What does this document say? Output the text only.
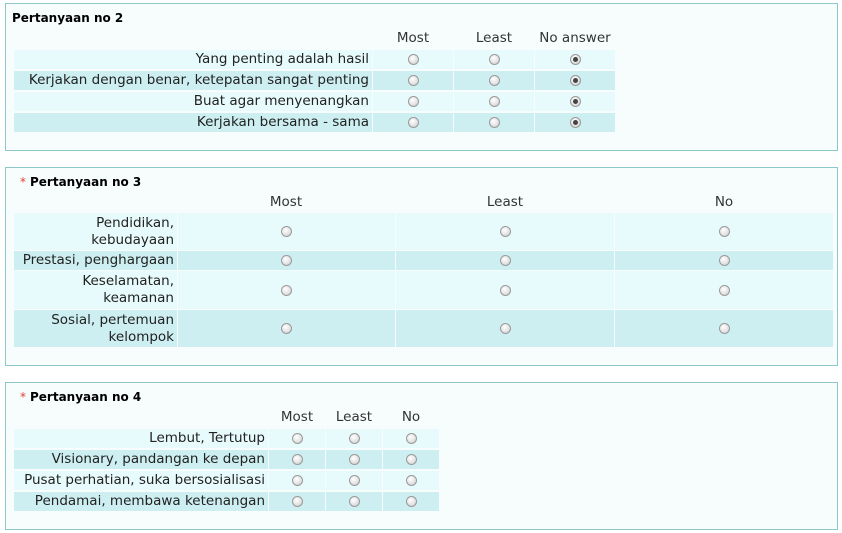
Pertanyaan no 2
Most	Least	No answer
Yang penting adalah hasil
Kerjakan dengan benar, ketepatan sangat penting
Buat agar menyenangkan
Kerjakan bersama - sama
* Pertanyaan no 3
Most	Least	No
Pendidikan,
kebudayaan
Prestasi, penghargaan
Keselamatan,
keamanan
Sosial, pertemuan
kelompok
* Pertanyaan no 4
Most	Least	No
Lembut, Tertutup
Visionary, pandangan ke depan
Pusat perhatian, suka bersosialisasi
Pendamai, membawa ketenangan
